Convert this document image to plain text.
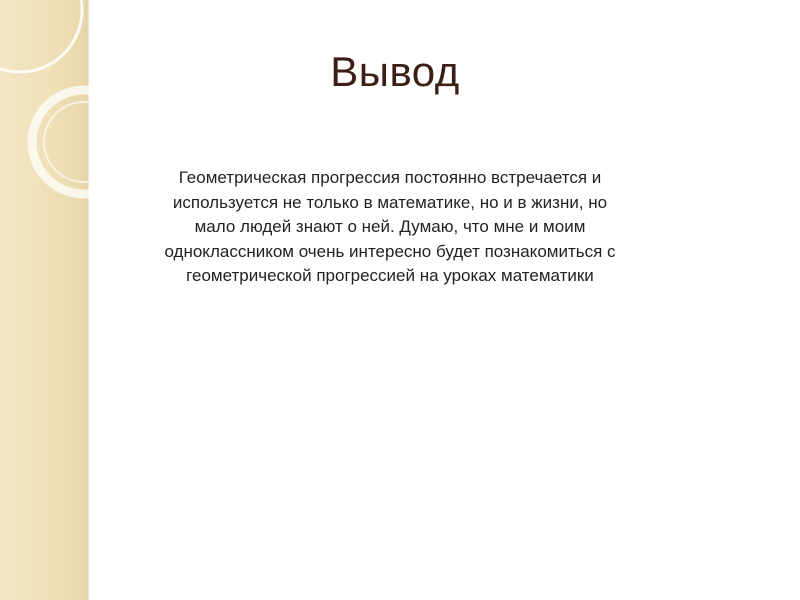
Вывод

Геометрическая прогрессия постоянно встречается и используется не только в математике, но и в жизни, но мало людей знают о ней. Думаю, что мне и моим одноклассником очень интересно будет познакомиться с геометрической прогрессией на уроках математики
